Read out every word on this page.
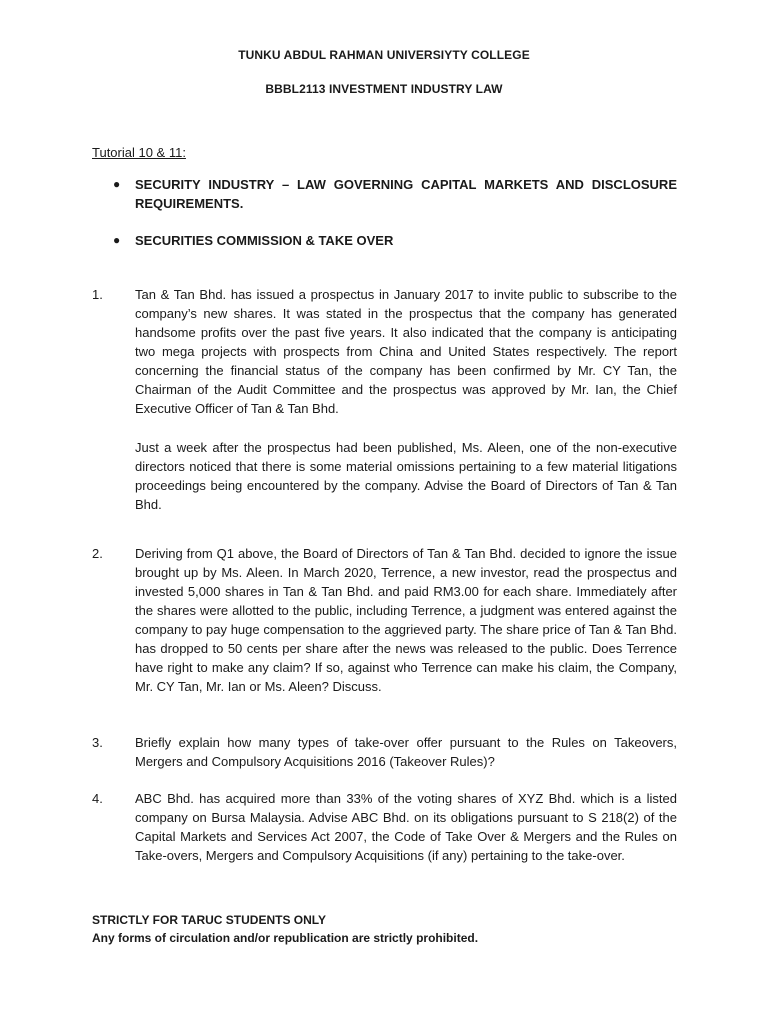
TUNKU ABDUL RAHMAN UNIVERSIYTY COLLEGE
BBBL2113 INVESTMENT INDUSTRY LAW
Tutorial 10 & 11:
● SECURITY INDUSTRY – LAW GOVERNING CAPITAL MARKETS AND DISCLOSURE REQUIREMENTS.
● SECURITIES COMMISSION & TAKE OVER
1. Tan & Tan Bhd. has issued a prospectus in January 2017 to invite public to subscribe to the company’s new shares. It was stated in the prospectus that the company has generated handsome profits over the past five years. It also indicated that the company is anticipating two mega projects with prospects from China and United States respectively. The report concerning the financial status of the company has been confirmed by Mr. CY Tan, the Chairman of the Audit Committee and the prospectus was approved by Mr. Ian, the Chief Executive Officer of Tan & Tan Bhd.

Just a week after the prospectus had been published, Ms. Aleen, one of the non-executive directors noticed that there is some material omissions pertaining to a few material litigations proceedings being encountered by the company. Advise the Board of Directors of Tan & Tan Bhd.

2. Deriving from Q1 above, the Board of Directors of Tan & Tan Bhd. decided to ignore the issue brought up by Ms. Aleen. In March 2020, Terrence, a new investor, read the prospectus and invested 5,000 shares in Tan & Tan Bhd. and paid RM3.00 for each share. Immediately after the shares were allotted to the public, including Terrence, a judgment was entered against the company to pay huge compensation to the aggrieved party. The share price of Tan & Tan Bhd. has dropped to 50 cents per share after the news was released to the public. Does Terrence have right to make any claim? If so, against who Terrence can make his claim, the Company, Mr. CY Tan, Mr. Ian or Ms. Aleen? Discuss.

3. Briefly explain how many types of take-over offer pursuant to the Rules on Takeovers, Mergers and Compulsory Acquisitions 2016 (Takeover Rules)?

4. ABC Bhd. has acquired more than 33% of the voting shares of XYZ Bhd. which is a listed company on Bursa Malaysia. Advise ABC Bhd. on its obligations pursuant to S 218(2) of the Capital Markets and Services Act 2007, the Code of Take Over & Mergers and the Rules on Take-overs, Mergers and Compulsory Acquisitions (if any) pertaining to the take-over.

STRICTLY FOR TARUC STUDENTS ONLY
Any forms of circulation and/or republication are strictly prohibited.
